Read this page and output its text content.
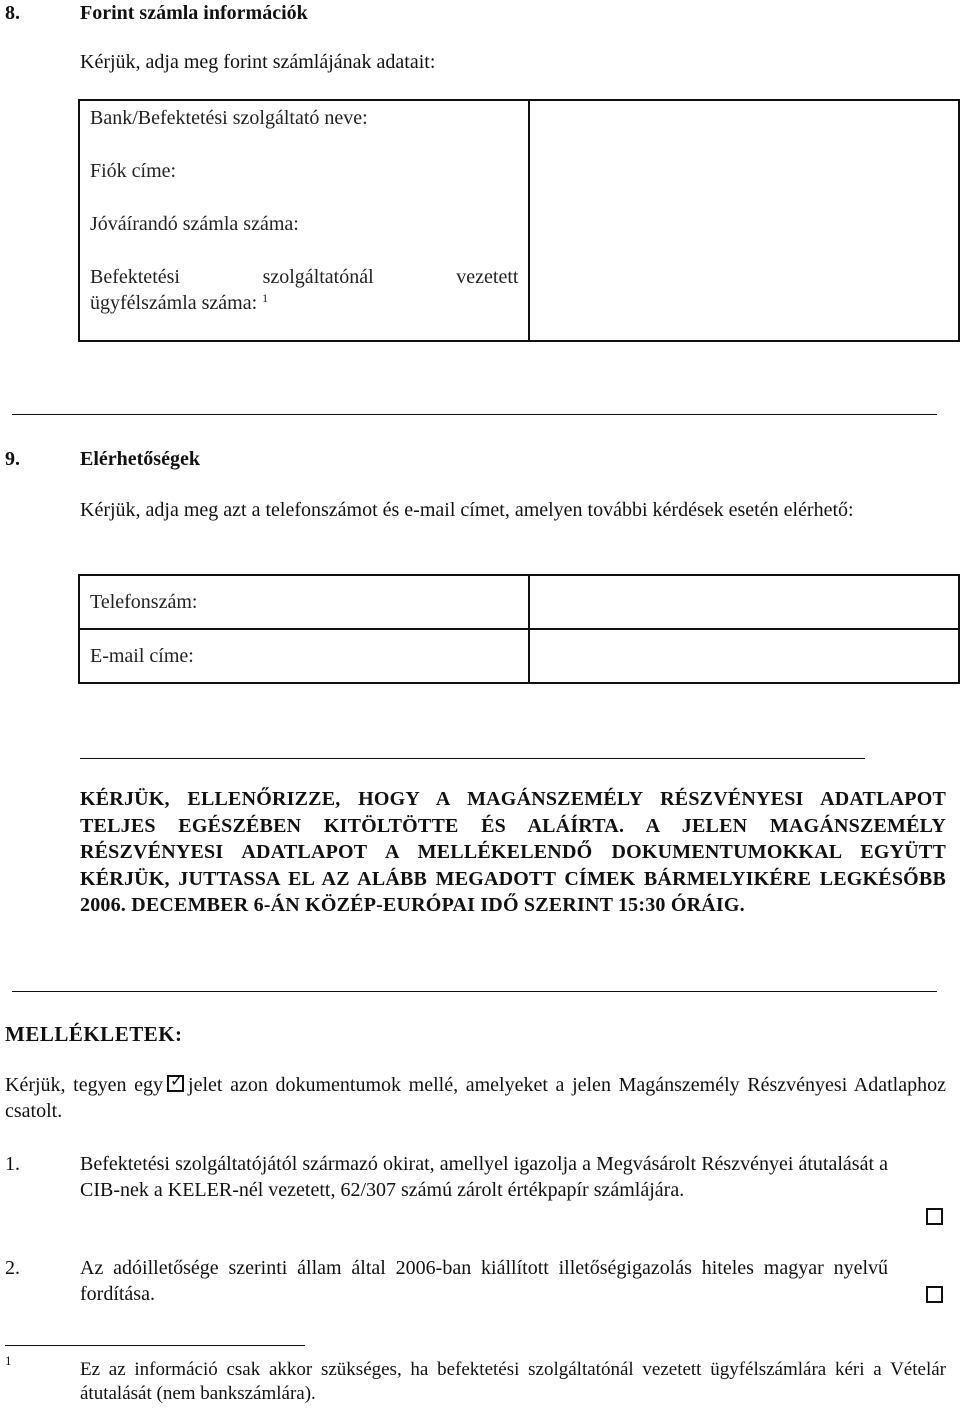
8.	Forint számla információk
Kérjük, adja meg forint számlájának adatait:
Bank/Befektetési szolgáltató neve:
Fiók címe:
Jóváírandó számla száma:
Befektetési szolgáltatónál vezetett
ügyfélszámla száma: $^1$

9.	Elérhetőségek
Kérjük, adja meg azt a telefonszámot és e-mail címet, amelyen további kérdések esetén elérhető:
Telefonszám:	
E-mail címe:	
KÉRJÜK, ELLENŐRIZZE, HOGY A MAGÁNSZEMÉLY RÉSZVÉNYESI ADATLAPOT TELJES EGÉSZÉBEN KITÖLTÖTTE ÉS ALÁÍRTA. A JELEN MAGÁNSZEMÉLY RÉSZVÉNYESI ADATLAPOT A MELLÉKELENDŐ DOKUMENTUMOKKAL EGYÜTT KÉRJÜK, JUTTASSA EL AZ ALÁBB MEGADOTT CÍMEK BÁRMELYIKÉRE LEGKÉSŐBB 2006. DECEMBER 6-ÁN KÖZÉP-EURÓPAI IDŐ SZERINT 15:30 ÓRÁIG.
MELLÉKLETEK:
Kérjük, tegyen egy ✓ jelet azon dokumentumok mellé, amelyeket a jelen Magánszemély Részvényesi Adatlaphoz csatolt.
1.	Befektetési szolgáltatójától származó okirat, amellyel igazolja a Megvásárolt Részvényei átutalását a CIB-nek a KELER-nél vezetett, 62/307 számú zárolt értékpapír számlájára.
2.	Az adóilletősége szerinti állam által 2006-ban kiállított illetőségigazolás hiteles magyar nyelvű fordítása.
1	Ez az információ csak akkor szükséges, ha befektetési szolgáltatónál vezetett ügyfélszámlára kéri a Vételár átutalását (nem bankszámlára).
